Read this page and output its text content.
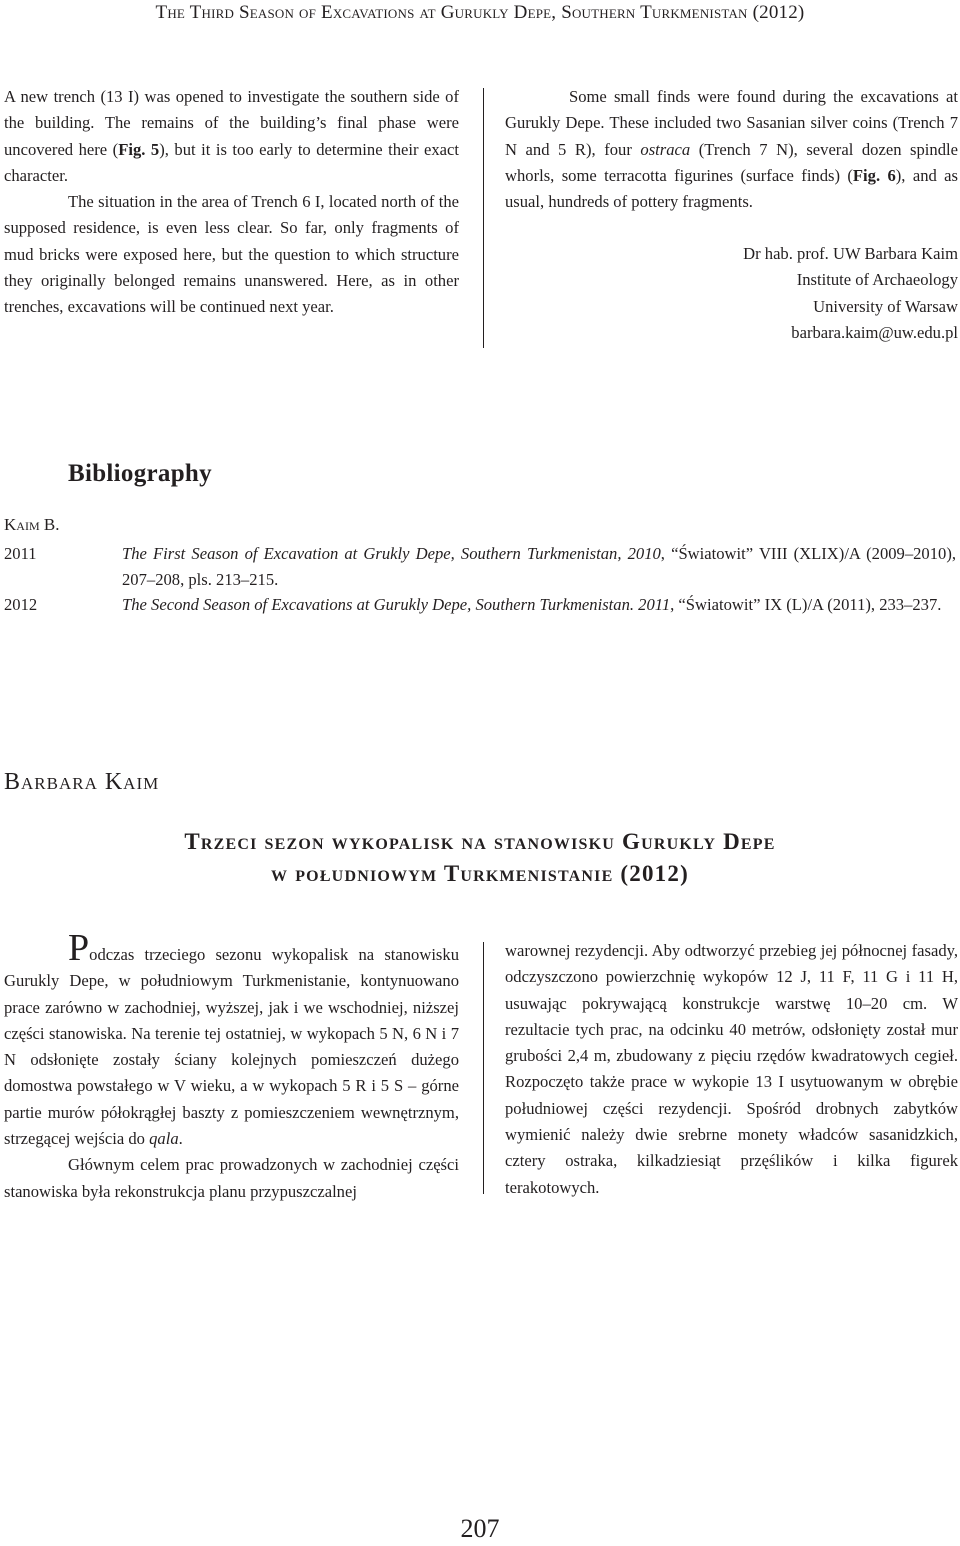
The Third Season of Excavations at Gurukly Depe, Southern Turkmenistan (2012)

A new trench (13 I) was opened to investigate the southern side of the building. The remains of the building’s final phase were uncovered here (Fig. 5), but it is too early to determine their exact character.

The situation in the area of Trench 6 I, located north of the supposed residence, is even less clear. So far, only fragments of mud bricks were exposed here, but the question to which structure they originally belonged remains unanswered. Here, as in other trenches, excavations will be continued next year.

Some small finds were found during the excavations at Gurukly Depe. These included two Sasanian silver coins (Trench 7 N and 5 R), four ostraca (Trench 7 N), several dozen spindle whorls, some terracotta figurines (surface finds) (Fig. 6), and as usual, hundreds of pottery fragments.

Dr hab. prof. UW Barbara Kaim
Institute of Archaeology
University of Warsaw
barbara.kaim@uw.edu.pl
Bibliography
Kaim B.
2011	The First Season of Excavation at Grukly Depe, Southern Turkmenistan, 2010, “Światowit” VIII (XLIX)/A (2009–2010), 207–208, pls. 213–215.
2012	The Second Season of Excavations at Gurukly Depe, Southern Turkmenistan. 2011, “Światowit” IX (L)/A (2011), 233–237.
Barbara Kaim
Trzeci sezon wykopalisk na stanowisku Gurukly Depe
w południowym Turkmenistanie (2012)

Podczas trzeciego sezonu wykopalisk na stanowisku Gurukly Depe, w południowym Turkmenistanie, kontynuowano prace zarówno w zachodniej, wyższej, jak i we wschodniej, niższej części stanowiska. Na terenie tej ostatniej, w wykopach 5 N, 6 N i 7 N odsłonięte zostały ściany kolejnych pomieszczeń dużego domostwa powstałego w V wieku, a w wykopach 5 R i 5 S – górne partie murów półokrągłej baszty z pomieszczeniem wewnętrznym, strzegącej wejścia do qala.

Głównym celem prac prowadzonych w zachodniej części stanowiska była rekonstrukcja planu przypuszczalnej

warownej rezydencji. Aby odtworzyć przebieg jej północnej fasady, odczyszczono powierzchnię wykopów 12 J, 11 F, 11 G i 11 H, usuwając pokrywającą konstrukcje warstwę 10–20 cm. W rezultacie tych prac, na odcinku 40 metrów, odsłonięty został mur grubości 2,4 m, zbudowany z pięciu rzędów kwadratowych cegieł. Rozpoczęto także prace w wykopie 13 I usytuowanym w obrębie południowej części rezydencji. Spośród drobnych zabytków wymienić należy dwie srebrne monety władców sasanidzkich, cztery ostraka, kilkadziesiąt przęślików i kilka figurek terakotowych.

207
